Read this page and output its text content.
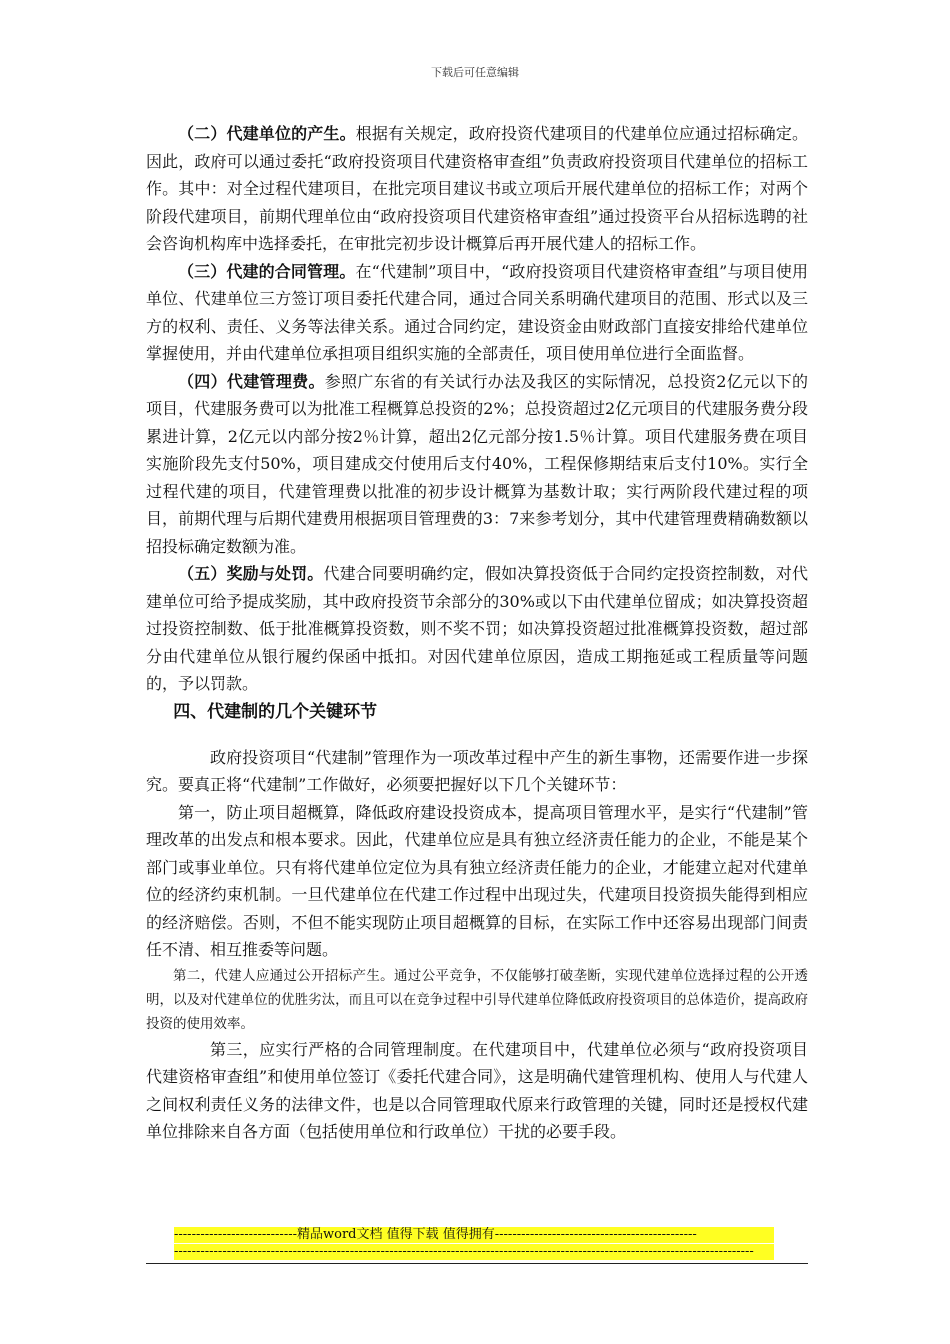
下载后可任意编辑

（二）代建单位的产生。根据有关规定，政府投资代建项目的代建单位应通过招标确定。因此，政府可以通过委托“政府投资项目代建资格审查组”负责政府投资项目代建单位的招标工作。其中：对全过程代建项目，在批完项目建议书或立项后开展代建单位的招标工作；对两个阶段代建项目，前期代理单位由“政府投资项目代建资格审查组”通过投资平台从招标选聘的社会咨询机构库中选择委托，在审批完初步设计概算后再开展代建人的招标工作。

（三）代建的合同管理。在“代建制”项目中，“政府投资项目代建资格审查组”与项目使用单位、代建单位三方签订项目委托代建合同，通过合同关系明确代建项目的范围、形式以及三方的权利、责任、义务等法律关系。通过合同约定，建设资金由财政部门直接安排给代建单位掌握使用，并由代建单位承担项目组织实施的全部责任，项目使用单位进行全面监督。

（四）代建管理费。参照广东省的有关试行办法及我区的实际情况，总投资2亿元以下的项目，代建服务费可以为批准工程概算总投资的2%；总投资超过2亿元项目的代建服务费分段累进计算，2亿元以内部分按2％计算，超出2亿元部分按1.5％计算。项目代建服务费在项目实施阶段先支付50%，项目建成交付使用后支付40%，工程保修期结束后支付10%。实行全过程代建的项目，代建管理费以批准的初步设计概算为基数计取；实行两阶段代建过程的项目，前期代理与后期代建费用根据项目管理费的3：7来参考划分，其中代建管理费精确数额以招投标确定数额为准。

（五）奖励与处罚。代建合同要明确约定，假如决算投资低于合同约定投资控制数，对代建单位可给予提成奖励，其中政府投资节余部分的30%或以下由代建单位留成；如决算投资超过投资控制数、低于批准概算投资数，则不奖不罚；如决算投资超过批准概算投资数，超过部分由代建单位从银行履约保函中抵扣。对因代建单位原因，造成工期拖延或工程质量等问题的，予以罚款。

四、代建制的几个关键环节

政府投资项目“代建制”管理作为一项改革过程中产生的新生事物，还需要作进一步探究。要真正将“代建制”工作做好，必须要把握好以下几个关键环节：

第一，防止项目超概算，降低政府建设投资成本，提高项目管理水平，是实行“代建制”管理改革的出发点和根本要求。因此，代建单位应是具有独立经济责任能力的企业，不能是某个部门或事业单位。只有将代建单位定位为具有独立经济责任能力的企业，才能建立起对代建单位的经济约束机制。一旦代建单位在代建工作过程中出现过失，代建项目投资损失能得到相应的经济赔偿。否则，不但不能实现防止项目超概算的目标，在实际工作中还容易出现部门间责任不清、相互推委等问题。

第二，代建人应通过公开招标产生。通过公平竞争，不仅能够打破垄断，实现代建单位选择过程的公开透明，以及对代建单位的优胜劣汰，而且可以在竞争过程中引导代建单位降低政府投资项目的总体造价，提高政府投资的使用效率。

第三，应实行严格的合同管理制度。在代建项目中，代建单位必须与“政府投资项目代建资格审查组”和使用单位签订《委托代建合同》，这是明确代建管理机构、使用人与代建人之间权利责任义务的法律文件，也是以合同管理取代原来行政管理的关键，同时还是授权代建单位排除来自各方面（包括使用单位和行政单位）干扰的必要手段。

----------------------------精品word文档 值得下载 值得拥有----------------------------------------------
------------------------------------------------------------------------------------------------------------------------------------
